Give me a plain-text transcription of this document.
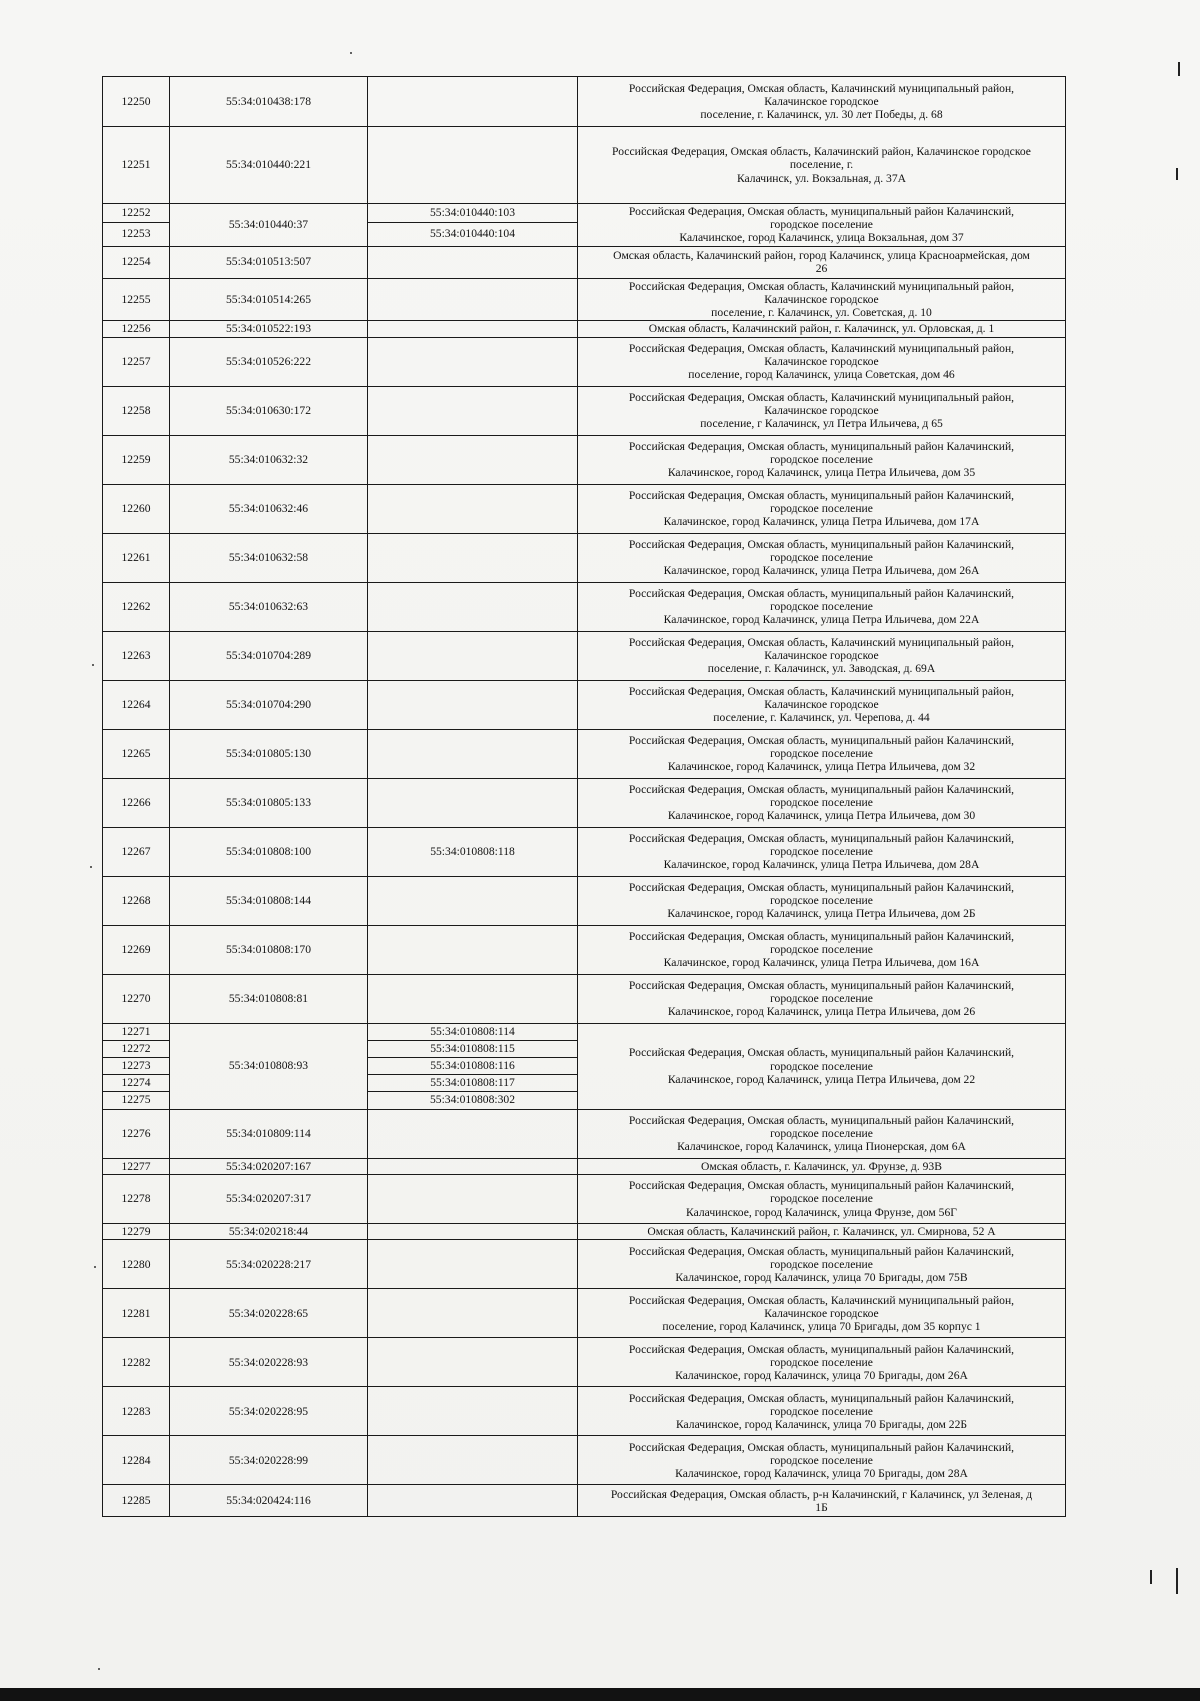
12250	55:34:010438:178		Российская Федерация, Омская область, Калачинский муниципальный район,
Калачинское городское
поселение, г. Калачинск, ул. 30 лет Победы, д. 68

12251	55:34:010440:221		Российская Федерация, Омская область, Калачинский район, Калачинское городское
поселение, г.
Калачинск, ул. Вокзальная, д. 37А

12252	55:34:010440:37	55:34:010440:103	Российская Федерация, Омская область, муниципальный район Калачинский,
городское поселение
Калачинское, город Калачинск, улица Вокзальная, дом 37

12253		55:34:010440:104	
12254	55:34:010513:507		Омская область, Калачинский район, город Калачинск, улица Красноармейская, дом
26

12255	55:34:010514:265		Российская Федерация, Омская область, Калачинский муниципальный район,
Калачинское городское
поселение, г. Калачинск, ул. Советская, д. 10

12256	55:34:010522:193		Омская область, Калачинский район, г. Калачинск, ул. Орловская, д. 1

12257	55:34:010526:222		Российская Федерация, Омская область, Калачинский муниципальный район,
Калачинское городское
поселение, город Калачинск, улица Советская, дом 46

12258	55:34:010630:172		Российская Федерация, Омская область, Калачинский муниципальный район,
Калачинское городское
поселение, г Калачинск, ул Петра Ильичева, д 65

12259	55:34:010632:32		Российская Федерация, Омская область, муниципальный район Калачинский,
городское поселение
Калачинское, город Калачинск, улица Петра Ильичева, дом 35

12260	55:34:010632:46		Российская Федерация, Омская область, муниципальный район Калачинский,
городское поселение
Калачинское, город Калачинск, улица Петра Ильичева, дом 17А

12261	55:34:010632:58		Российская Федерация, Омская область, муниципальный район Калачинский,
городское поселение
Калачинское, город Калачинск, улица Петра Ильичева, дом 26А

12262	55:34:010632:63		Российская Федерация, Омская область, муниципальный район Калачинский,
городское поселение
Калачинское, город Калачинск, улица Петра Ильичева, дом 22А

12263	55:34:010704:289		Российская Федерация, Омская область, Калачинский муниципальный район,
Калачинское городское
поселение, г. Калачинск, ул. Заводская, д. 69А

12264	55:34:010704:290		Российская Федерация, Омская область, Калачинский муниципальный район,
Калачинское городское
поселение, г. Калачинск, ул. Черепова, д. 44

12265	55:34:010805:130		Российская Федерация, Омская область, муниципальный район Калачинский,
городское поселение
Калачинское, город Калачинск, улица Петра Ильичева, дом 32

12266	55:34:010805:133		Российская Федерация, Омская область, муниципальный район Калачинский,
городское поселение
Калачинское, город Калачинск, улица Петра Ильичева, дом 30

12267	55:34:010808:100	55:34:010808:118	Российская Федерация, Омская область, муниципальный район Калачинский,
городское поселение
Калачинское, город Калачинск, улица Петра Ильичева, дом 28А

12268	55:34:010808:144		Российская Федерация, Омская область, муниципальный район Калачинский,
городское поселение
Калачинское, город Калачинск, улица Петра Ильичева, дом 2Б

12269	55:34:010808:170		Российская Федерация, Омская область, муниципальный район Калачинский,
городское поселение
Калачинское, город Калачинск, улица Петра Ильичева, дом 16А

12270	55:34:010808:81		Российская Федерация, Омская область, муниципальный район Калачинский,
городское поселение
Калачинское, город Калачинск, улица Петра Ильичева, дом 26

12271	55:34:010808:93	55:34:010808:114	Российская Федерация, Омская область, муниципальный район Калачинский,
городское поселение
Калачинское, город Калачинск, улица Петра Ильичева, дом 22

12272		55:34:010808:115	
12273		55:34:010808:116	
12274		55:34:010808:117	
12275		55:34:010808:302	
12276	55:34:010809:114		Российская Федерация, Омская область, муниципальный район Калачинский,
городское поселение
Калачинское, город Калачинск, улица Пионерская, дом 6А

12277	55:34:020207:167		Омская область, г. Калачинск, ул. Фрунзе, д. 93В

12278	55:34:020207:317		Российская Федерация, Омская область, муниципальный район Калачинский,
городское поселение
Калачинское, город Калачинск, улица Фрунзе, дом 56Г

12279	55:34:020218:44		Омская область, Калачинский район, г. Калачинск, ул. Смирнова, 52 А

12280	55:34:020228:217		Российская Федерация, Омская область, муниципальный район Калачинский,
городское поселение
Калачинское, город Калачинск, улица 70 Бригады, дом 75В

12281	55:34:020228:65		Российская Федерация, Омская область, Калачинский муниципальный район,
Калачинское городское
поселение, город Калачинск, улица 70 Бригады, дом 35 корпус 1

12282	55:34:020228:93		Российская Федерация, Омская область, муниципальный район Калачинский,
городское поселение
Калачинское, город Калачинск, улица 70 Бригады, дом 26А

12283	55:34:020228:95		Российская Федерация, Омская область, муниципальный район Калачинский,
городское поселение
Калачинское, город Калачинск, улица 70 Бригады, дом 22Б

12284	55:34:020228:99		Российская Федерация, Омская область, муниципальный район Калачинский,
городское поселение
Калачинское, город Калачинск, улица 70 Бригады, дом 28А

12285	55:34:020424:116		Российская Федерация, Омская область, р-н Калачинский, г Калачинск, ул Зеленая, д
1Б
